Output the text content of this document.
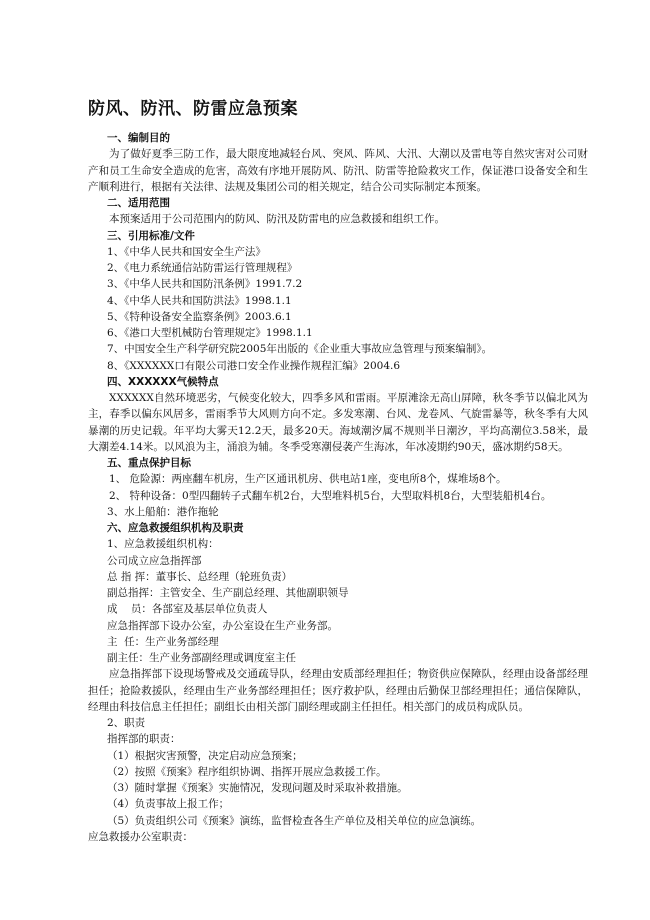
防风、防汛、防雷应急预案
一、编制目的

为了做好夏季三防工作，最大限度地减轻台风、突风、阵风、大汛、大潮以及雷电等自然灾害对公司财产和员工生命安全造成的危害，高效有序地开展防风、防汛、防雷等抢险救灾工作，保证港口设备安全和生产顺利进行，根据有关法律、法规及集团公司的相关规定，结合公司实际制定本预案。

二、适用范围

本预案适用于公司范围内的防风、防汛及防雷电的应急救援和组织工作。

三、引用标准/文件

1、《中华人民共和国安全生产法》

2、《电力系统通信站防雷运行管理规程》

3、《中华人民共和国防汛条例》1991.7.2

4、《中华人民共和国防洪法》1998.1.1

5、《特种设备安全监察条例》2003.6.1

6、《港口大型机械防台管理规定》1998.1.1

7、中国安全生产科学研究院2005年出版的《企业重大事故应急管理与预案编制》。

8、《XXXXXX口有限公司港口安全作业操作规程汇编》2004.6

四、XXXXXX气候特点

XXXXXX自然环境恶劣，气候变化较大，四季多风和雷雨。平原滩涂无高山屏障，秋冬季节以偏北风为主，春季以偏东风居多，雷雨季节大风则方向不定。多发寒潮、台风、龙卷风、气旋雷暴等，秋冬季有大风暴潮的历史记载。年平均大雾天12.2天，最多20天。海域潮汐属不规则半日潮汐，平均高潮位3.58米，最大潮差4.14米。以风浪为主，涌浪为辅。冬季受寒潮侵袭产生海冰，年冰凌期约90天，盛冰期约58天。

五、重点保护目标

1、 危险源：两座翻车机房，生产区通讯机房、供电站1座，变电所8个，煤堆场8个。

2、 特种设备：0型四翻转子式翻车机2台，大型堆料机5台，大型取料机8台，大型装船机4台。

3、水上船舶：港作拖轮

六、应急救援组织机构及职责

1、应急救援组织机构：

公司成立应急指挥部

总 指 挥：董事长、总经理（轮班负责）

副总指挥：主管安全、生产副总经理、其他副职领导

成    员：各部室及基层单位负责人

应急指挥部下设办公室，办公室设在生产业务部。

主  任：生产业务部经理

副主任：生产业务部副经理或调度室主任

应急指挥部下设现场警戒及交通疏导队，经理由安质部经理担任；物资供应保障队，经理由设备部经理担任；抢险救援队，经理由生产业务部经理担任；医疗救护队，经理由后勤保卫部经理担任；通信保障队，经理由科技信息主任担任；副组长由相关部门副经理或副主任担任。相关部门的成员构成队员。

2、职责

指挥部的职责：

（1）根据灾害预警，决定启动应急预案；

（2）按照《预案》程序组织协调、指挥开展应急救援工作。

（3）随时掌握《预案》实施情况，发现问题及时采取补救措施。

（4）负责事故上报工作；

（5）负责组织公司《预案》演练，监督检查各生产单位及相关单位的应急演练。

应急救援办公室职责：
